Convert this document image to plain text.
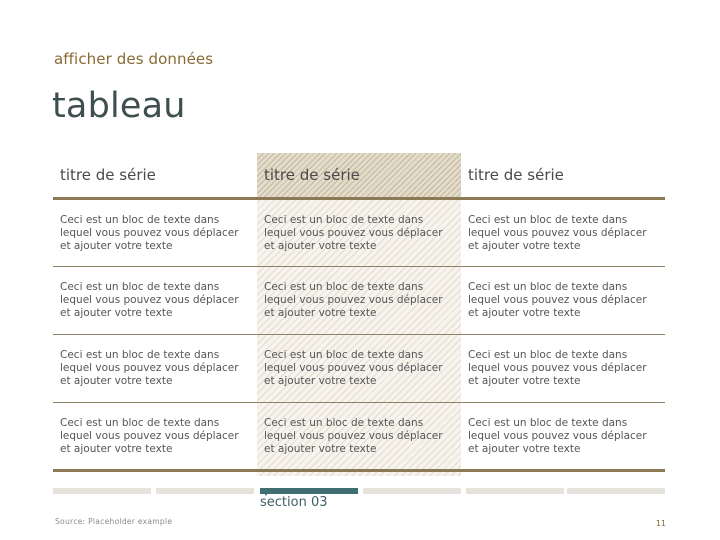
afficher des données
tableau
titre de série	titre de série	titre de série
Ceci est un bloc de texte dans lequel vous pouvez vous déplacer et ajouter votre texte	Ceci est un bloc de texte dans lequel vous pouvez vous déplacer et ajouter votre texte	Ceci est un bloc de texte dans lequel vous pouvez vous déplacer et ajouter votre texte
Ceci est un bloc de texte dans lequel vous pouvez vous déplacer et ajouter votre texte	Ceci est un bloc de texte dans lequel vous pouvez vous déplacer et ajouter votre texte	Ceci est un bloc de texte dans lequel vous pouvez vous déplacer et ajouter votre texte
Ceci est un bloc de texte dans lequel vous pouvez vous déplacer et ajouter votre texte	Ceci est un bloc de texte dans lequel vous pouvez vous déplacer et ajouter votre texte	Ceci est un bloc de texte dans lequel vous pouvez vous déplacer et ajouter votre texte
Ceci est un bloc de texte dans lequel vous pouvez vous déplacer et ajouter votre texte	Ceci est un bloc de texte dans lequel vous pouvez vous déplacer et ajouter votre texte	Ceci est un bloc de texte dans lequel vous pouvez vous déplacer et ajouter votre texte
section 03
Source: Placeholder example	11
